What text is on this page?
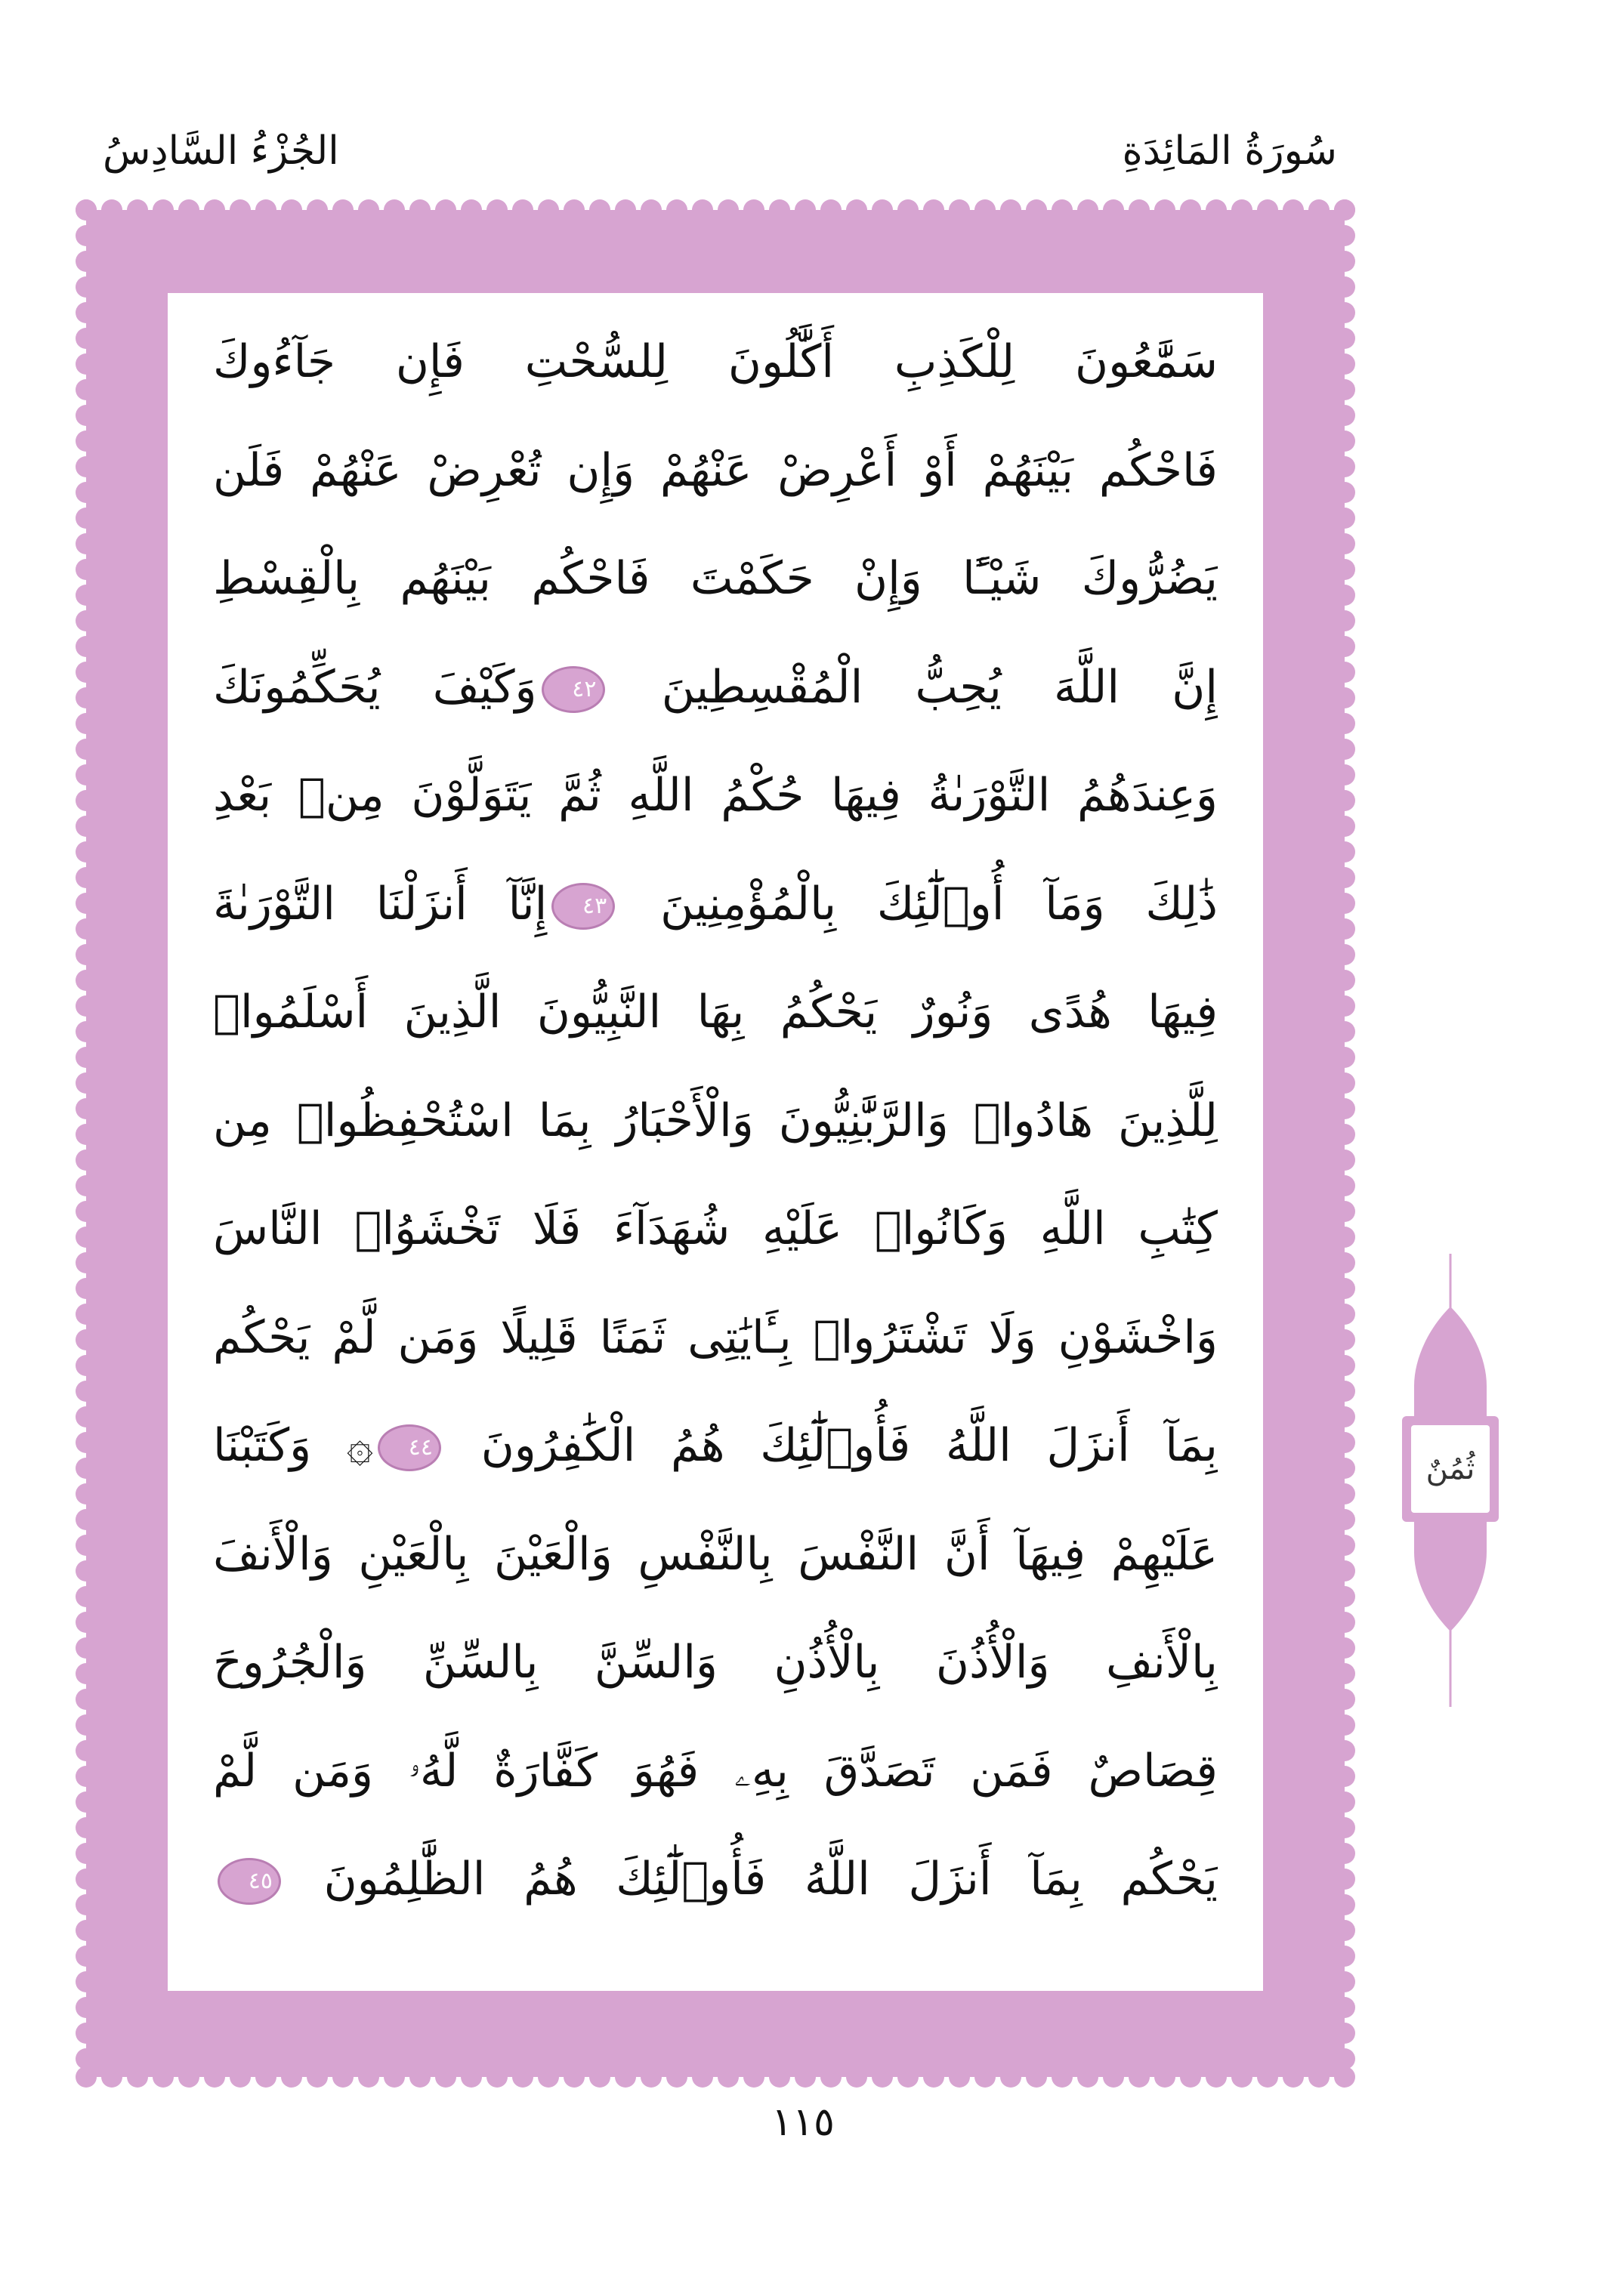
سُورَةُ المَائِدَةِ
الجُزْءُ السَّادِسُ
سَمَّٰعُونَ لِلْكَذِبِ أَكَّٰلُونَ لِلسُّحْتِ فَإِن جَآءُوكَ
فَاحْكُم بَيْنَهُمْ أَوْ أَعْرِضْ عَنْهُمْ وَإِن تُعْرِضْ عَنْهُمْ فَلَن
يَضُرُّوكَ شَيْـًٔا وَإِنْ حَكَمْتَ فَاحْكُم بَيْنَهُم بِالْقِسْطِ
إِنَّ اللَّهَ يُحِبُّ الْمُقْسِطِينَ ٤٢وَكَيْفَ يُحَكِّمُونَكَ
وَعِندَهُمُ التَّوْرَىٰةُ فِيهَا حُكْمُ اللَّهِ ثُمَّ يَتَوَلَّوْنَ مِنۢ بَعْدِ
ذَٰلِكَ وَمَآ أُو۟لَٰٓئِكَ بِالْمُؤْمِنِينَ ٤٣إِنَّآ أَنزَلْنَا التَّوْرَىٰةَ
فِيهَا هُدًى وَنُورٌ يَحْكُمُ بِهَا النَّبِيُّونَ الَّذِينَ أَسْلَمُوا۟
لِلَّذِينَ هَادُوا۟ وَالرَّبَّٰنِيُّونَ وَالْأَحْبَارُ بِمَا اسْتُحْفِظُوا۟ مِن
كِتَٰبِ اللَّهِ وَكَانُوا۟ عَلَيْهِ شُهَدَآءَ فَلَا تَخْشَوُا۟ النَّاسَ
وَاخْشَوْنِ وَلَا تَشْتَرُوا۟ بِـَٔايَٰتِى ثَمَنًا قَلِيلًا وَمَن لَّمْ يَحْكُم
بِمَآ أَنزَلَ اللَّهُ فَأُو۟لَٰٓئِكَ هُمُ الْكَٰفِرُونَ ٤٤۞ وَكَتَبْنَا
عَلَيْهِمْ فِيهَآ أَنَّ النَّفْسَ بِالنَّفْسِ وَالْعَيْنَ بِالْعَيْنِ وَالْأَنفَ
بِالْأَنفِ وَالْأُذُنَ بِالْأُذُنِ وَالسِّنَّ بِالسِّنِّ وَالْجُرُوحَ
قِصَاصٌ فَمَن تَصَدَّقَ بِهِۦ فَهُوَ كَفَّارَةٌ لَّهُۥ وَمَن لَّمْ
يَحْكُم بِمَآ أَنزَلَ اللَّهُ فَأُو۟لَٰٓئِكَ هُمُ الظَّٰلِمُونَ ٤٥
ثُمُنٌ
١١٥
